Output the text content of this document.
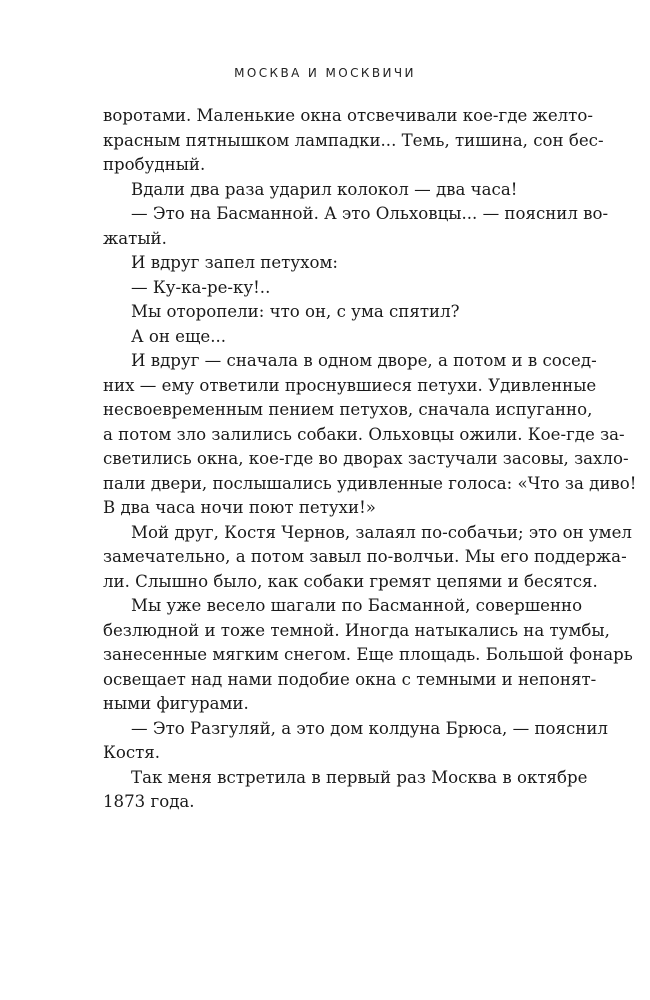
МОСКВА И МОСКВИЧИ
воротами. Маленькие окна отсвечивали кое-где желто-
красным пятнышком лампадки... Темь, тишина, сон бес-
пробудный.
Вдали два раза ударил колокол — два часа!
— Это на Басманной. А это Ольховцы... — пояснил во-
жатый.
И вдруг запел петухом:
— Ку-ка-ре-ку!..
Мы оторопели: что он, с ума спятил?
А он еще...
И вдруг — сначала в одном дворе, а потом и в сосед-
них — ему ответили проснувшиеся петухи. Удивленные
несвоевременным пением петухов, сначала испуганно,
а потом зло залились собаки. Ольховцы ожили. Кое-где за-
светились окна, кое-где во дворах застучали засовы, захло-
пали двери, послышались удивленные голоса: «Что за диво!
В два часа ночи поют петухи!»
Мой друг, Костя Чернов, залаял по-собачьи; это он умел
замечательно, а потом завыл по-волчьи. Мы его поддержа-
ли. Слышно было, как собаки гремят цепями и бесятся.
Мы уже весело шагали по Басманной, совершенно
безлюдной и тоже темной. Иногда натыкались на тумбы,
занесенные мягким снегом. Еще площадь. Большой фонарь
освещает над нами подобие окна с темными и непонят-
ными фигурами.
— Это Разгуляй, а это дом колдуна Брюса, — пояснил
Костя.
Так меня встретила в первый раз Москва в октябре
1873 года.
